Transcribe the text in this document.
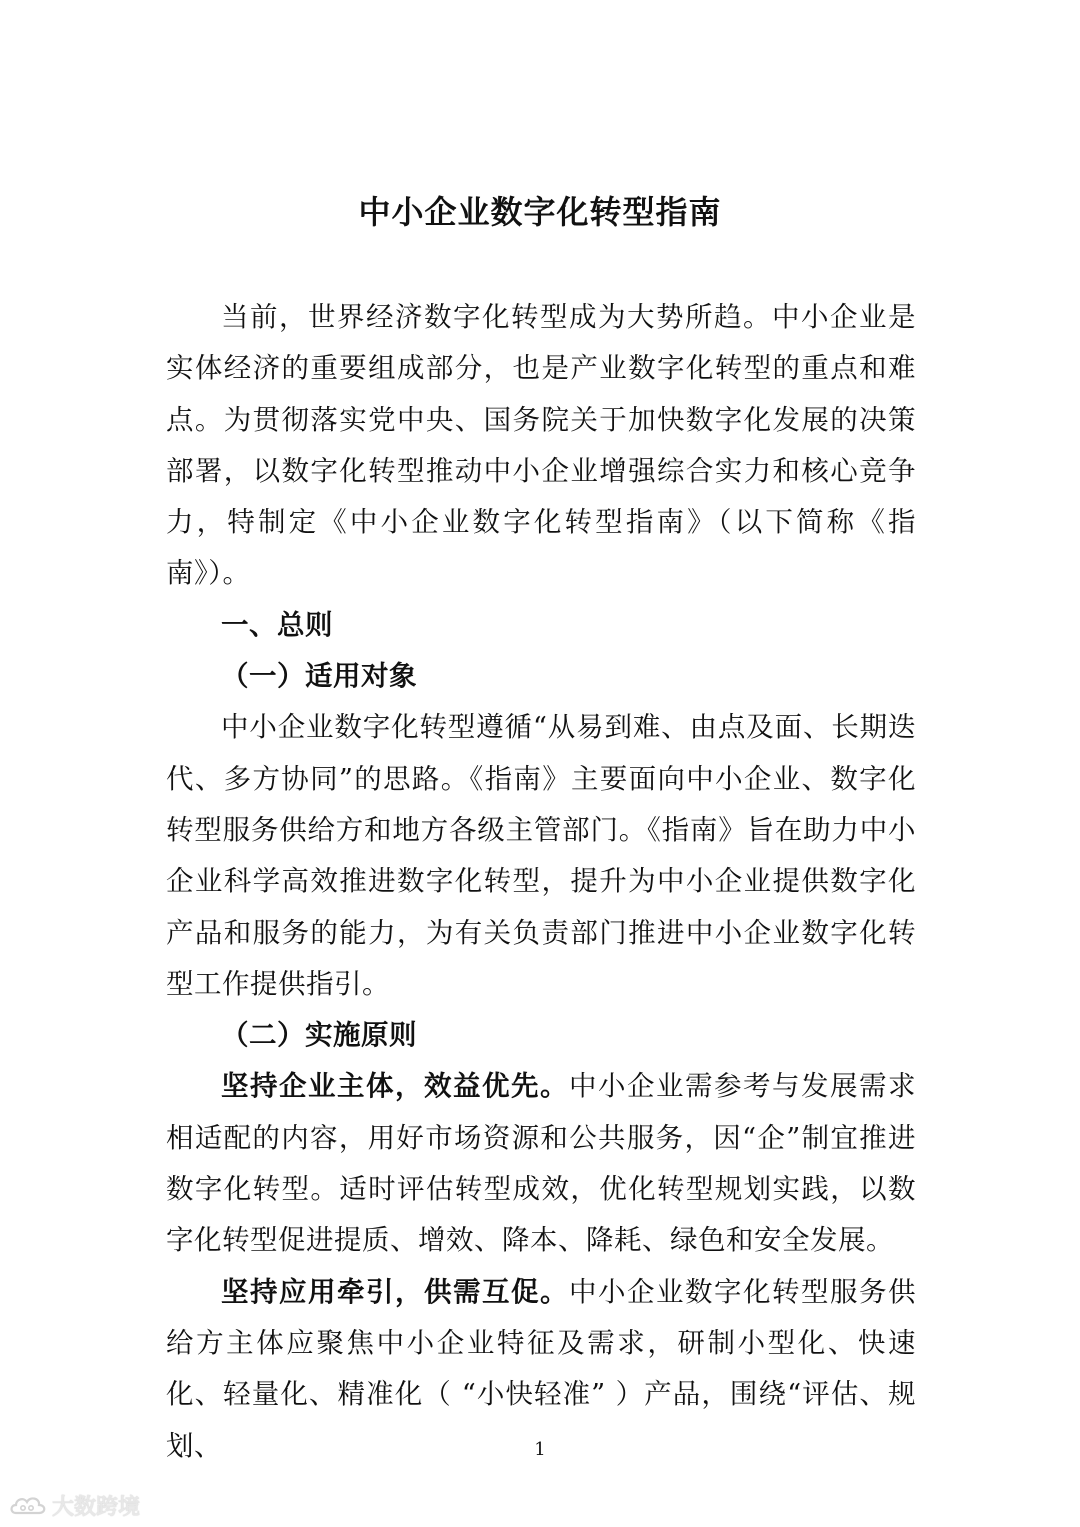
中小企业数字化转型指南

当前，世界经济数字化转型成为大势所趋。中小企业是实体经济的重要组成部分，也是产业数字化转型的重点和难点。为贯彻落实党中央、国务院关于加快数字化发展的决策部署，以数字化转型推动中小企业增强综合实力和核心竞争力，特制定《中小企业数字化转型指南》（以下简称《指南》）。

一、总则

（一）适用对象

中小企业数字化转型遵循“从易到难、由点及面、长期迭代、多方协同”的思路。《指南》主要面向中小企业、数字化转型服务供给方和地方各级主管部门。《指南》旨在助力中小企业科学高效推进数字化转型，提升为中小企业提供数字化产品和服务的能力，为有关负责部门推进中小企业数字化转型工作提供指引。

（二）实施原则

坚持企业主体，效益优先。中小企业需参考与发展需求相适配的内容，用好市场资源和公共服务，因“企”制宜推进数字化转型。适时评估转型成效，优化转型规划实践，以数字化转型促进提质、增效、降本、降耗、绿色和安全发展。

坚持应用牵引，供需互促。中小企业数字化转型服务供给方主体应聚焦中小企业特征及需求，研制小型化、快速化、轻量化、精准化（ “小快轻准” ）产品，围绕“评估、规划、	1
大数跨境
